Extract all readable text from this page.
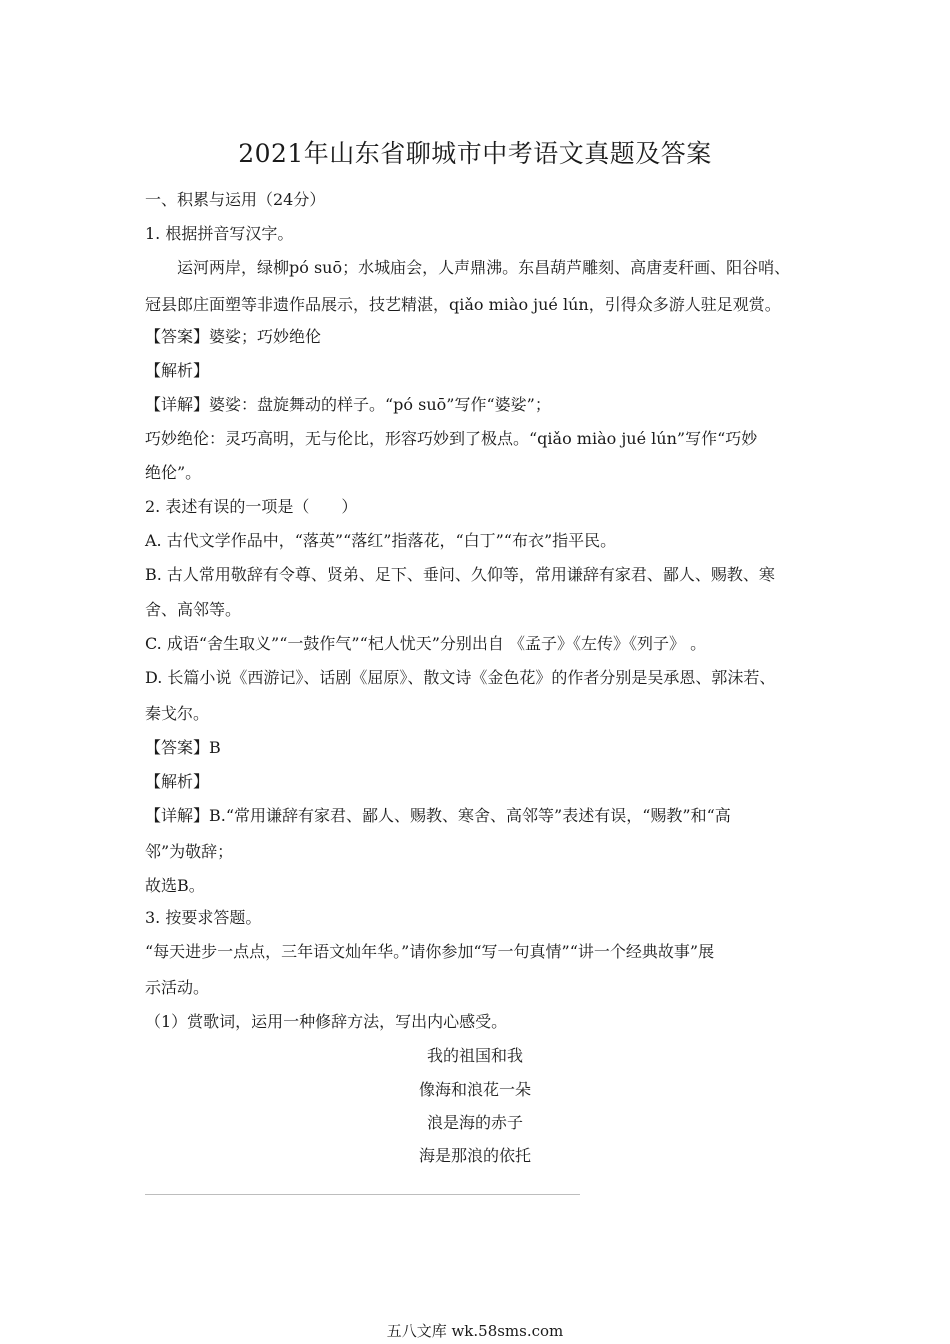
2021年山东省聊城市中考语文真题及答案
一、积累与运用（24分）
1. 根据拼音写汉字。
运河两岸，绿柳pó suō；水城庙会，人声鼎沸。东昌葫芦雕刻、高唐麦秆画、阳谷哨、
冠县郎庄面塑等非遗作品展示，技艺精湛，qiǎo miào jué lún，引得众多游人驻足观赏。
【答案】婆娑；巧妙绝伦
【解析】
【详解】婆娑：盘旋舞动的样子。“pó suō”写作“婆娑”；
巧妙绝伦：灵巧高明，无与伦比，形容巧妙到了极点。“qiǎo miào jué lún”写作“巧妙
绝伦”。
2. 表述有误的一项是（　　）
A. 古代文学作品中，“落英”“落红”指落花，“白丁”“布衣”指平民。
B. 古人常用敬辞有令尊、贤弟、足下、垂问、久仰等，常用谦辞有家君、鄙人、赐教、寒
舍、高邻等。
C. 成语“舍生取义”“一鼓作气”“杞人忧天”分别出自 《孟子》《左传》《列子》 。
D. 长篇小说《西游记》、话剧《屈原》、散文诗《金色花》的作者分别是吴承恩、郭沫若、
秦戈尔。
【答案】B
【解析】
【详解】B.“常用谦辞有家君、鄙人、赐教、寒舍、高邻等”表述有误，“赐教”和“高
邻”为敬辞；
故选B。
3. 按要求答题。
“每天进步一点点，三年语文灿年华。”请你参加“写一句真情”“讲一个经典故事”展
示活动。
（1）赏歌词，运用一种修辞方法，写出内心感受。
我的祖国和我
像海和浪花一朵
浪是海的赤子
海是那浪的依托
五八文库 wk.58sms.com
